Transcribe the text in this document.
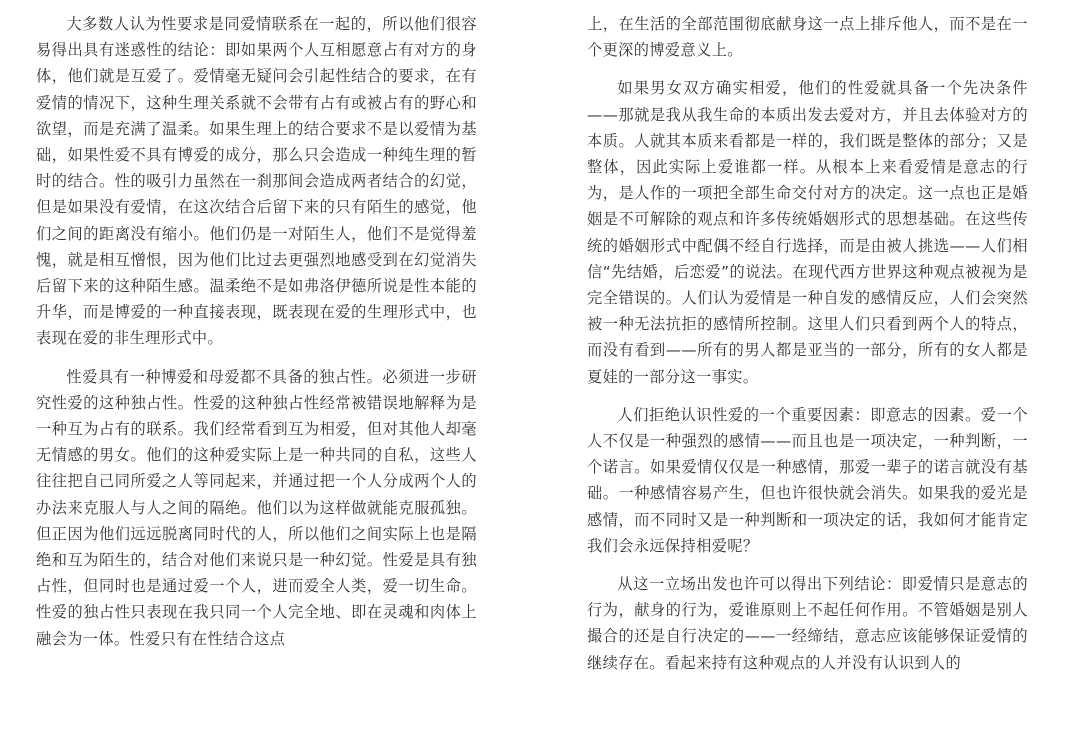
大多数人认为性要求是同爱情联系在一起的，所以他们很容易得出具有迷惑性的结论：即如果两个人互相愿意占有对方的身体，他们就是互爱了。爱情毫无疑问会引起性结合的要求，在有爱情的情况下，这种生理关系就不会带有占有或被占有的野心和欲望，而是充满了温柔。如果生理上的结合要求不是以爱情为基础，如果性爱不具有博爱的成分，那么只会造成一种纯生理的暂时的结合。性的吸引力虽然在一刹那间会造成两者结合的幻觉，但是如果没有爱情，在这次结合后留下来的只有陌生的感觉，他们之间的距离没有缩小。他们仍是一对陌生人，他们不是觉得羞愧，就是相互憎恨，因为他们比过去更强烈地感受到在幻觉消失后留下来的这种陌生感。温柔绝不是如弗洛伊德所说是性本能的升华，而是博爱的一种直接表现，既表现在爱的生理形式中，也表现在爱的非生理形式中。

性爱具有一种博爱和母爱都不具备的独占性。必须进一步研究性爱的这种独占性。性爱的这种独占性经常被错误地解释为是一种互为占有的联系。我们经常看到互为相爱，但对其他人却毫无情感的男女。他们的这种爱实际上是一种共同的自私，这些人往往把自己同所爱之人等同起来，并通过把一个人分成两个人的办法来克服人与人之间的隔绝。他们以为这样做就能克服孤独。但正因为他们远远脱离同时代的人，所以他们之间实际上也是隔绝和互为陌生的，结合对他们来说只是一种幻觉。性爱是具有独占性，但同时也是通过爱一个人，进而爱全人类，爱一切生命。性爱的独占性只表现在我只同一个人完全地、即在灵魂和肉体上融会为一体。性爱只有在性结合这点

上，在生活的全部范围彻底献身这一点上排斥他人，而不是在一个更深的博爱意义上。

如果男女双方确实相爱，他们的性爱就具备一个先决条件——那就是我从我生命的本质出发去爱对方，并且去体验对方的本质。人就其本质来看都是一样的，我们既是整体的部分；又是整体，因此实际上爱谁都一样。从根本上来看爱情是意志的行为，是人作的一项把全部生命交付对方的决定。这一点也正是婚姻是不可解除的观点和许多传统婚姻形式的思想基础。在这些传统的婚姻形式中配偶不经自行选择，而是由被人挑选——人们相信“先结婚，后恋爱”的说法。在现代西方世界这种观点被视为是完全错误的。人们认为爱情是一种自发的感情反应，人们会突然被一种无法抗拒的感情所控制。这里人们只看到两个人的特点，而没有看到——所有的男人都是亚当的一部分，所有的女人都是夏娃的一部分这一事实。

人们拒绝认识性爱的一个重要因素：即意志的因素。爱一个人不仅是一种强烈的感情——而且也是一项决定，一种判断，一个诺言。如果爱情仅仅是一种感情，那爱一辈子的诺言就没有基础。一种感情容易产生，但也许很快就会消失。如果我的爱光是感情，而不同时又是一种判断和一项决定的话，我如何才能肯定我们会永远保持相爱呢？

从这一立场出发也许可以得出下列结论：即爱情只是意志的行为，献身的行为，爱谁原则上不起任何作用。不管婚姻是别人撮合的还是自行决定的——一经缔结，意志应该能够保证爱情的继续存在。看起来持有这种观点的人并没有认识到人的
